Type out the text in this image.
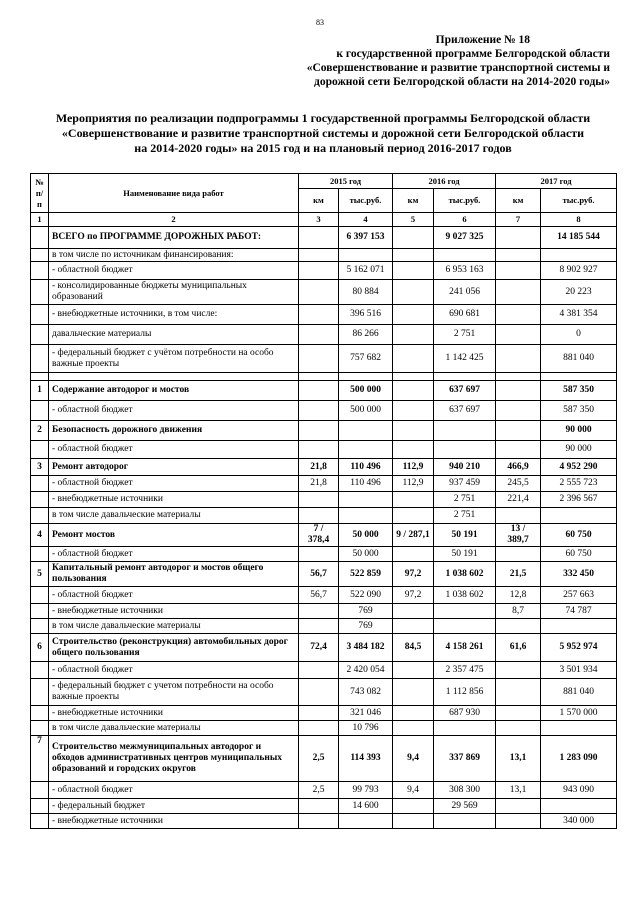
83
Приложение № 18
к государственной программе Белгородской области
«Совершенствование и развитие транспортной системы и
дорожной сети Белгородской области на 2014-2020 годы»
Мероприятия по реализации подпрограммы 1 государственной программы Белгородской области
«Совершенствование и развитие транспортной системы и дорожной сети Белгородской области
на 2014-2020 годы» на 2015 год и на плановый период 2016-2017 годов
№ п/п	Наименование вида работ	2015 год		2016 год		2017 год	
		км	тыс.руб.	км	тыс.руб.	км	тыс.руб.
1	2	3	4	5	6	7	8
	ВСЕГО по ПРОГРАММЕ ДОРОЖНЫХ РАБОТ:		6 397 153		9 027 325		14 185 544
	в том числе по источникам финансирования:						
	- областной бюджет		5 162 071		6 953 163		8 902 927
	- консолидированные бюджеты муниципальных образований		80 884		241 056		20 223
	- внебюджетные источники, в том числе:		396 516		690 681		4 381 354
	давальческие материалы		86 266		2 751		0
	- федеральный бюджет с учётом потребности на особо важные проекты		757 682		1 142 425		881 040

1	Содержание автодорог и мостов		500 000		637 697		587 350
	- областной бюджет		500 000		637 697		587 350
2	Безопасность дорожного движения						90 000
	- областной бюджет						90 000
3	Ремонт автодорог	21,8	110 496	112,9	940 210	466,9	4 952 290
	- областной бюджет	21,8	110 496	112,9	937 459	245,5	2 555 723
	- внебюджетные источники				2 751	221,4	2 396 567
	в том числе давальческие материалы				2 751		
4	Ремонт мостов	7 / 378,4	50 000	9 / 287,1	50 191	13 / 389,7	60 750
	- областной бюджет		50 000		50 191		60 750
5	Капитальный ремонт автодорог и мостов общего пользования	56,7	522 859	97,2	1 038 602	21,5	332 450
	- областной бюджет	56,7	522 090	97,2	1 038 602	12,8	257 663
	- внебюджетные источники		769			8,7	74 787
	в том числе давальческие материалы		769				
6	Строительство (реконструкция) автомобильных дорог общего пользования	72,4	3 484 182	84,5	4 158 261	61,6	5 952 974
	- областной бюджет		2 420 054		2 357 475		3 501 934
	- федеральный бюджет с учетом потребности на особо важные проекты		743 082		1 112 856		881 040
	- внебюджетные источники		321 046		687 930		1 570 000
	в том числе давальческие материалы		10 796				
7	Строительство межмуниципальных автодорог и обходов административных центров муниципальных образований и городских округов	2,5	114 393	9,4	337 869	13,1	1 283 090
	- областной бюджет	2,5	99 793	9,4	308 300	13,1	943 090
	- федеральный бюджет		14 600		29 569		
	- внебюджетные источники						340 000
